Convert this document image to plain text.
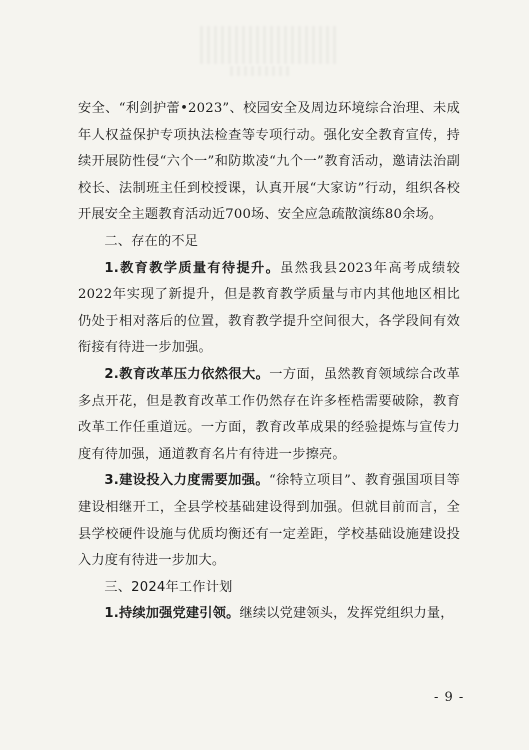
安全、“利剑护蕾•2023”、校园安全及周边环境综合治理、未成年人权益保护专项执法检查等专项行动。强化安全教育宣传，持续开展防性侵“六个一”和防欺凌“九个一”教育活动，邀请法治副校长、法制班主任到校授课，认真开展“大家访”行动，组织各校开展安全主题教育活动近700场、安全应急疏散演练80余场。

二、存在的不足

1.教育教学质量有待提升。虽然我县2023年高考成绩较2022年实现了新提升，但是教育教学质量与市内其他地区相比仍处于相对落后的位置，教育教学提升空间很大，各学段间有效衔接有待进一步加强。

2.教育改革压力依然很大。一方面，虽然教育领域综合改革多点开花，但是教育改革工作仍然存在许多桎梏需要破除，教育改革工作任重道远。一方面，教育改革成果的经验提炼与宣传力度有待加强，通道教育名片有待进一步擦亮。

3.建设投入力度需要加强。“徐特立项目”、教育强国项目等建设相继开工，全县学校基础建设得到加强。但就目前而言，全县学校硬件设施与优质均衡还有一定差距，学校基础设施建设投入力度有待进一步加大。

三、2024年工作计划

1.持续加强党建引领。继续以党建领头，发挥党组织力量，

- 9 -
